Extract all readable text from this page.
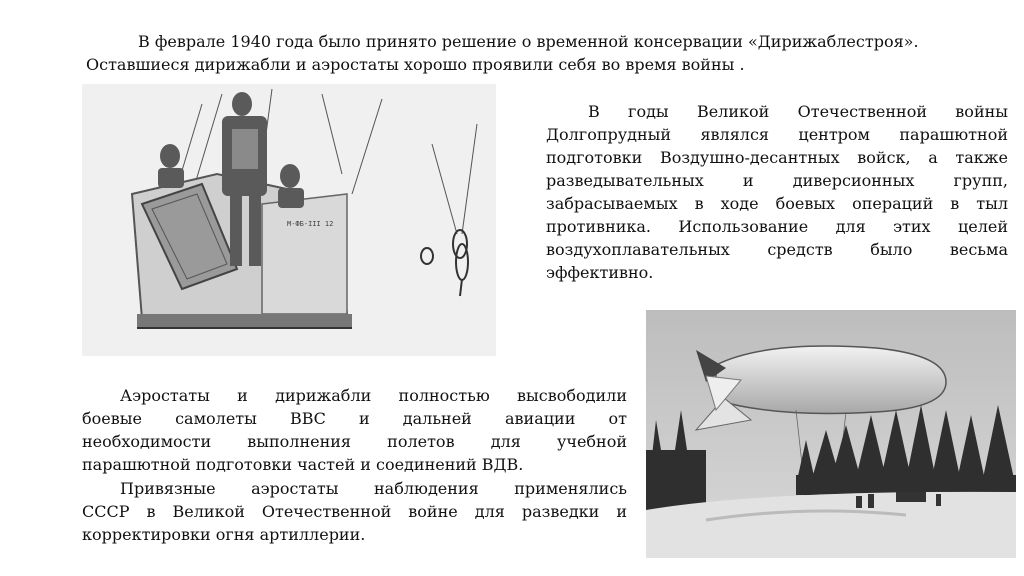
В феврале 1940 года было принято решение о временной консервации «Дирижаблестроя».
Оставшиеся дирижабли и аэростаты хорошо проявили себя во время войны .

М-ФБ-III 12

В годы Великой Отечественной войны
Долгопрудный являлся центром парашютной
подготовки Воздушно-десантных войск, а также
разведывательных и диверсионных групп,
забрасываемых в ходе боевых операций в тыл
противника. Использование для этих целей
воздухоплавательных средств было весьма
эффективно.

Аэростаты и дирижабли полностью высвободили
боевые самолеты ВВС и дальней авиации от
необходимости выполнения полетов для учебной
парашютной подготовки частей и соединений ВДВ.

Привязные аэростаты наблюдения применялись
СССР в Великой Отечественной войне для разведки и
корректировки огня артиллерии.
